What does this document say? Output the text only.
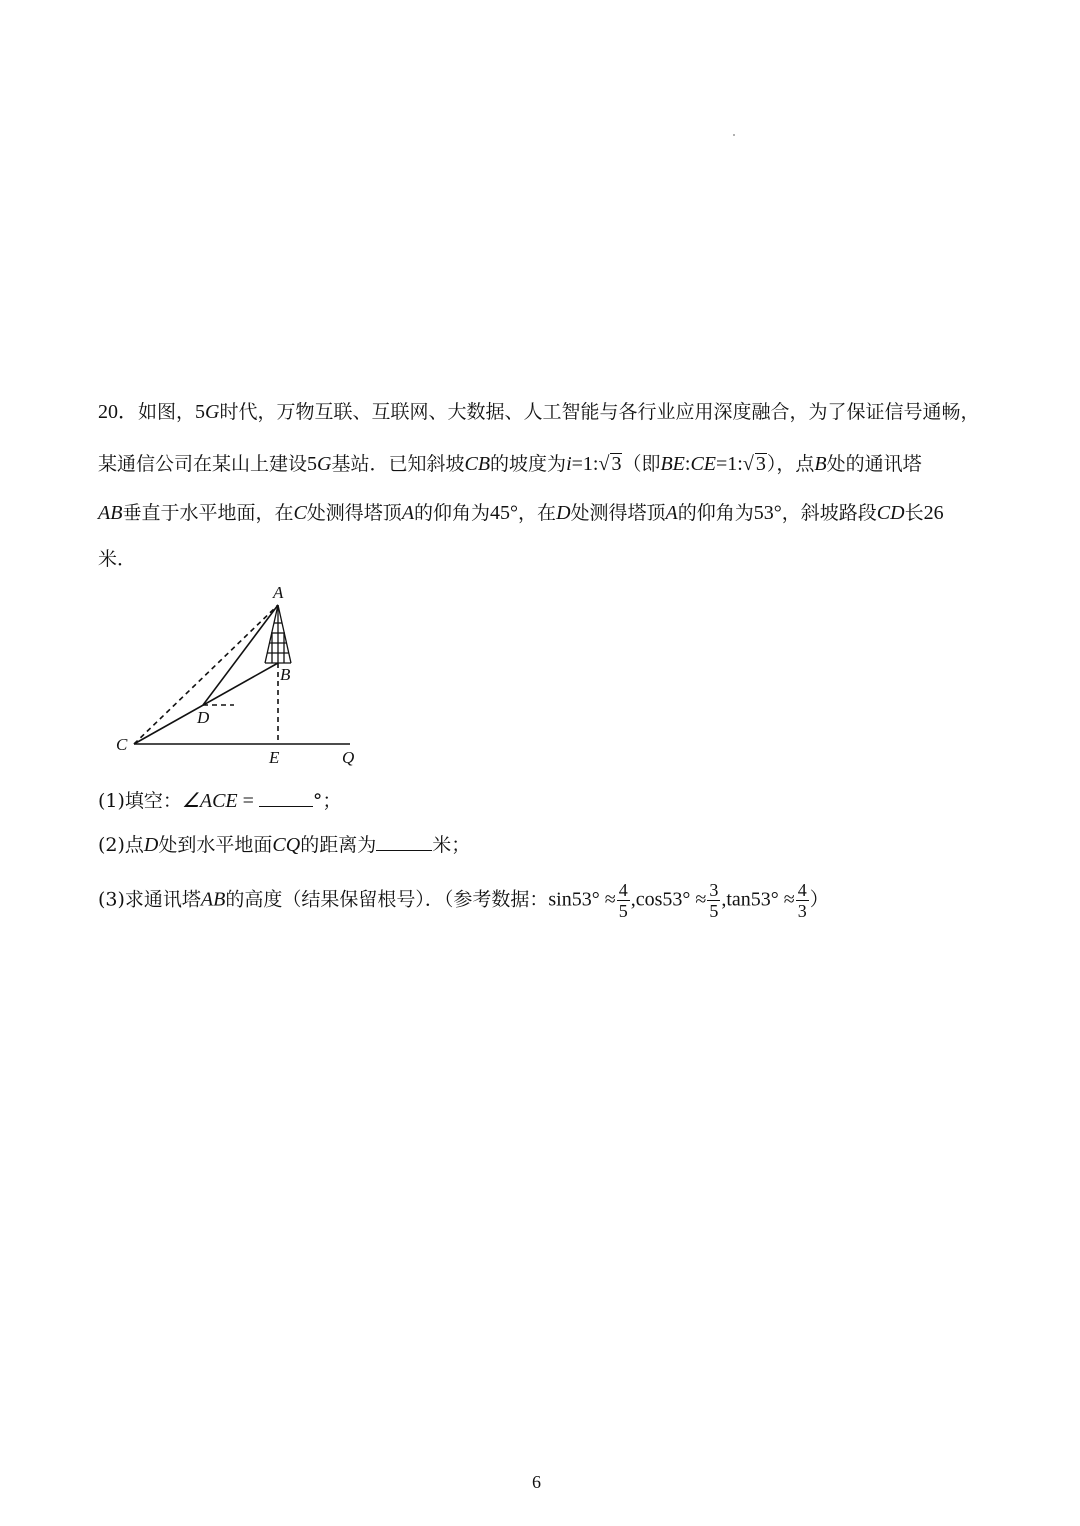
20．如图，5G时代，万物互联、互联网、大数据、人工智能与各行业应用深度融合，为了保证信号通畅，
某通信公司在某山上建设5G基站．已知斜坡CB的坡度为i=1:√ 3（即BE:CE=1:√ 3），点B处的通讯塔
AB垂直于水平地面，在C处测得塔顶A的仰角为45°，在D处测得塔顶A的仰角为53°，斜坡路段CD长26
米．
A
B
C
D
E	Q
(1)填空：∠ACE =	°；
(2)点D处到水平地面CQ的距离为	米；
(3)求通讯塔AB的高度（结果保留根号）．（参考数据：$\sin 53^\circ \approx \frac{4}{5} ,\cos 53^\circ \approx \frac{3}{5} ,\tan 53^\circ \approx \frac{4}{3}$ ）
6
